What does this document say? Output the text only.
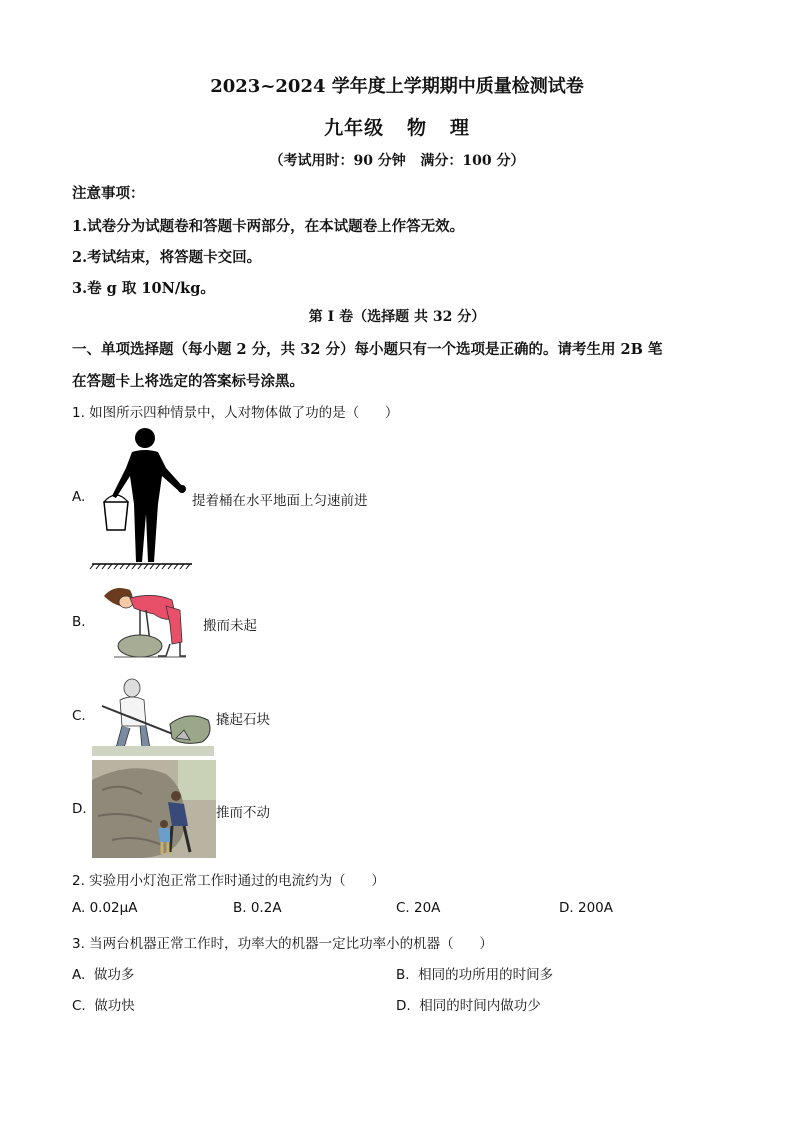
2023~2024 学年度上学期期中质量检测试卷
九年级   物   理
（考试用时：90 分钟   满分：100 分）
注意事项：
1.试卷分为试题卷和答题卡两部分，在本试题卷上作答无效。
2.考试结束，将答题卡交回。
3.卷 g 取 10N/kg。
第 I 卷（选择题 共 32 分）
一、单项选择题（每小题 2 分，共 32 分）每小题只有一个选项是正确的。请考生用 2B 笔
在答题卡上将选定的答案标号涂黑。
1. 如图所示四种情景中，人对物体做了功的是（      ）
A.	提着桶在水平地面上匀速前进
B.	搬而未起
C.	撬起石块
D.	推而不动
2. 实验用小灯泡正常工作时通过的电流约为（      ）
A. 0.02μA	B. 0.2A	C. 20A	D. 200A
3. 当两台机器正常工作时，功率大的机器一定比功率小的机器（      ）
A.  做功多	B.  相同的功所用的时间多
C.  做功快	D.  相同的时间内做功少
